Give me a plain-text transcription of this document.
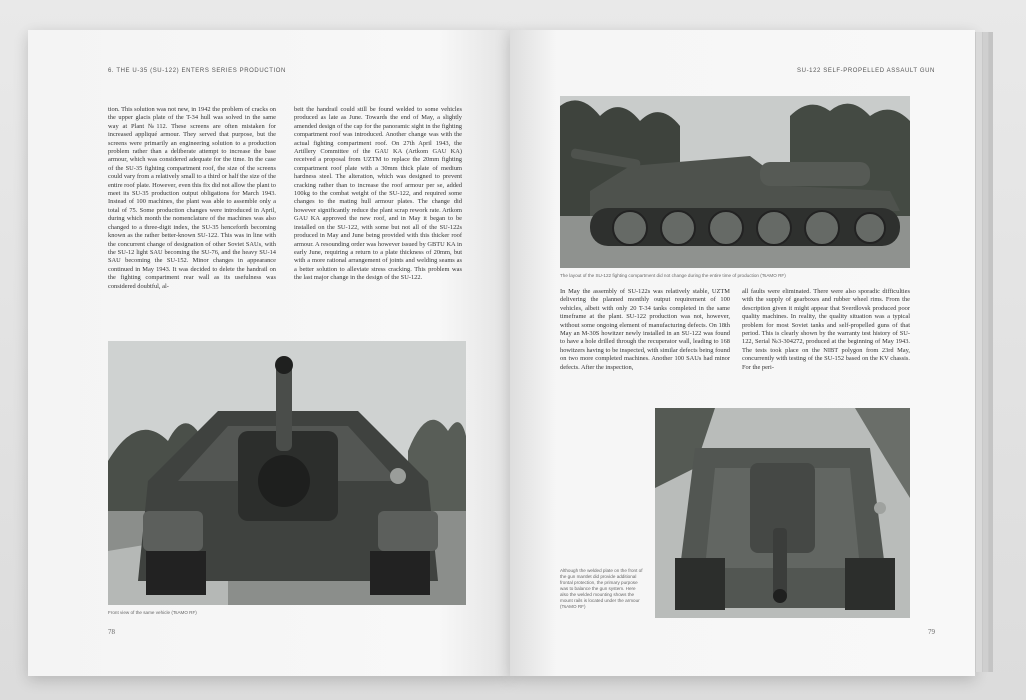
6. THE U-35 (SU-122) ENTERS SERIES PRODUCTION
tion. This solution was not new, in 1942 the problem of cracks on the upper glacis plate of the T-34 hull was solved in the same way at Plant №112. These screens are often mistaken for increased appliqué armour. They served that purpose, but the screens were primarily an engineering solution to a production problem rather than a deliberate attempt to increase the base armour, which was considered adequate for the time. In the case of the SU-35 fighting compartment roof, the size of the screens could vary from a relatively small to a third or half the size of the entire roof plate. However, even this fix did not allow the plant to meet its SU-35 production output obligations for March 1943. Instead of 100 machines, the plant was able to assemble only a total of 75. Some production changes were introduced in April, during which month the nomenclature of the machines was also changed to a three-digit index, the SU-35 henceforth becoming known as the rather better-known SU-122. This was in line with the concurrent change of designation of other Soviet SAUs, with the SU-12 light SAU becoming the SU-76, and the heavy SU-14 SAU becoming the SU-152. Minor changes in appearance continued in May 1943. It was decided to delete the handrail on the fighting compartment rear wall as its usefulness was considered doubtful, al-
beit the handrail could still be found welded to some vehicles produced as late as June. Towards the end of May, a slightly amended design of the cap for the panoramic sight in the fighting compartment roof was introduced. Another change was with the actual fighting compartment roof. On 27th April 1943, the Artillery Committee of the GAU KA (Artkom GAU KA) received a proposal from UZTM to replace the 20mm fighting compartment roof plate with a 30mm thick plate of medium hardness steel. The alteration, which was designed to prevent cracking rather than to increase the roof armour per se, added 100kg to the combat weight of the SU-122, and required some changes to the mating hull armour plates. The change did however significantly reduce the plant scrap rework rate. Artkom GAU KA approved the new roof, and in May it began to be installed on the SU-122, with some but not all of the SU-122s produced in May and June being provided with this thicker roof armour. A resounding order was however issued by GBTU KA in early June, requiring a return to a plate thickness of 20mm, but with a more rational arrangement of joints and welding seams as a better solution to alleviate stress cracking. This problem was the last major change in the design of the SU-122.
Front view of the same vehicle (TsAMO RF)
78
SU-122 SELF-PROPELLED ASSAULT GUN
The layout of the SU-122 fighting compartment did not change during the entire time of production (TsAMO RF)
In May the assembly of SU-122s was relatively stable, UZTM delivering the planned monthly output requirement of 100 vehicles, albeit with only 20 T-34 tanks completed in the same timeframe at the plant. SU-122 production was not, however, without some ongoing element of manufacturing defects. On 18th May an M-30S howitzer newly installed in an SU-122 was found to have a hole drilled through the recuperator wall, leading to 168 howitzers having to be inspected, with similar defects being found on two more completed machines. Another 100 SAUs had minor defects. After the inspection,
all faults were eliminated. There were also sporadic difficulties with the supply of gearboxes and rubber wheel rims. From the description given it might appear that Sverdlovsk produced poor quality machines. In reality, the quality situation was a typical problem for most Soviet tanks and self-propelled guns of that period. This is clearly shown by the warranty test history of SU-122, Serial №3-304272, produced at the beginning of May 1943. The tests took place on the NIBT polygon from 23rd May, concurrently with testing of the SU-152 based on the KV chassis. For the peri-
Although the welded plate on the front of the gun mantlet did provide additional frontal protection, the primary purpose was to balance the gun system. Here also the welded mounting shows the mount rails is located under the armour (TsAMO RF)
79
